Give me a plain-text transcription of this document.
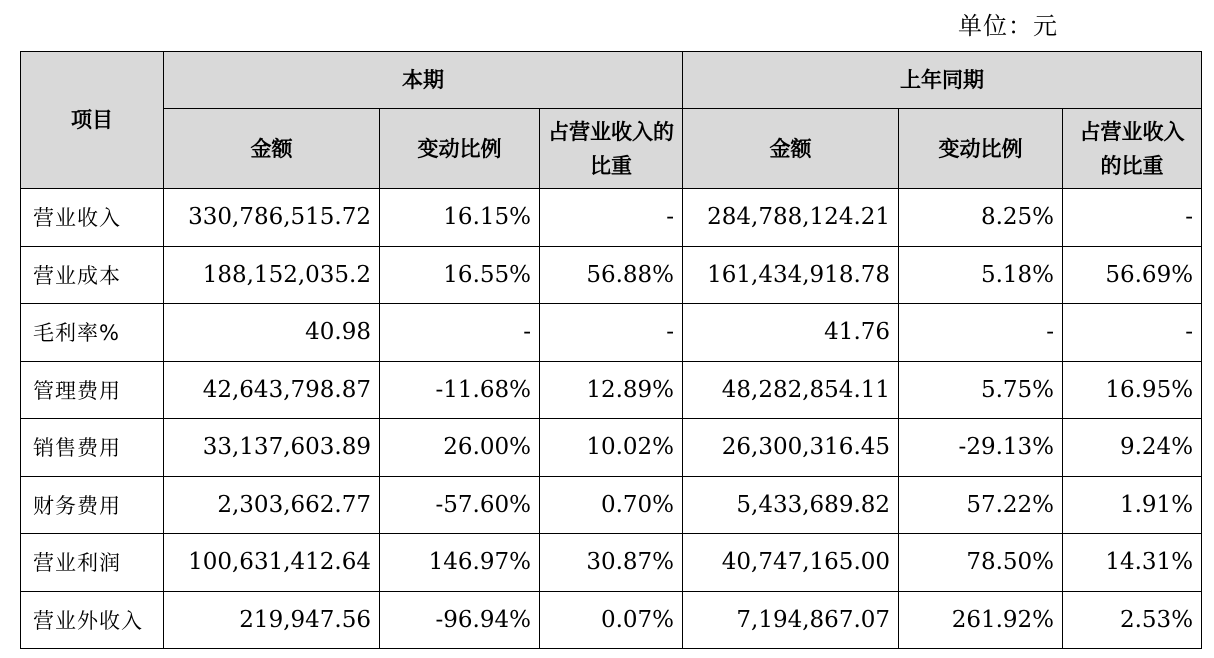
单位：元
项目	本期			上年同期		
	金额	变动比例	占营业收入的比重	金额	变动比例	占营业收入的比重
营业收入	330,786,515.72	16.15%	-	284,788,124.21	8.25%	-
营业成本	188,152,035.2	16.55%	56.88%	161,434,918.78	5.18%	56.69%
毛利率%	40.98	-	-	41.76	-	-
管理费用	42,643,798.87	-11.68%	12.89%	48,282,854.11	5.75%	16.95%
销售费用	33,137,603.89	26.00%	10.02%	26,300,316.45	-29.13%	9.24%
财务费用	2,303,662.77	-57.60%	0.70%	5,433,689.82	57.22%	1.91%
营业利润	100,631,412.64	146.97%	30.87%	40,747,165.00	78.50%	14.31%
营业外收入	219,947.56	-96.94%	0.07%	7,194,867.07	261.92%	2.53%
